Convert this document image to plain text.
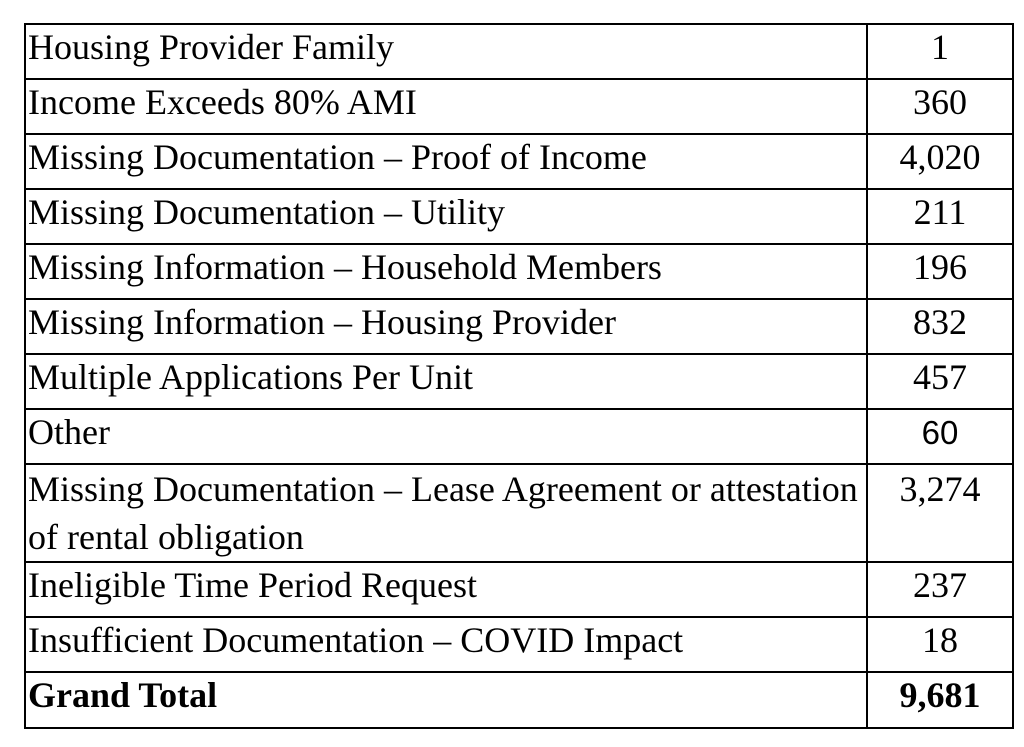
Housing Provider Family	1
Income Exceeds 80% AMI	360
Missing Documentation – Proof of Income	4,020
Missing Documentation – Utility	211
Missing Information – Household Members	196
Missing Information – Housing Provider	832
Multiple Applications Per Unit	457
Other	60
Missing Documentation – Lease Agreement or attestation of rental obligation	3,274
Ineligible Time Period Request	237
Insufficient Documentation – COVID Impact	18
Grand Total	9,681
